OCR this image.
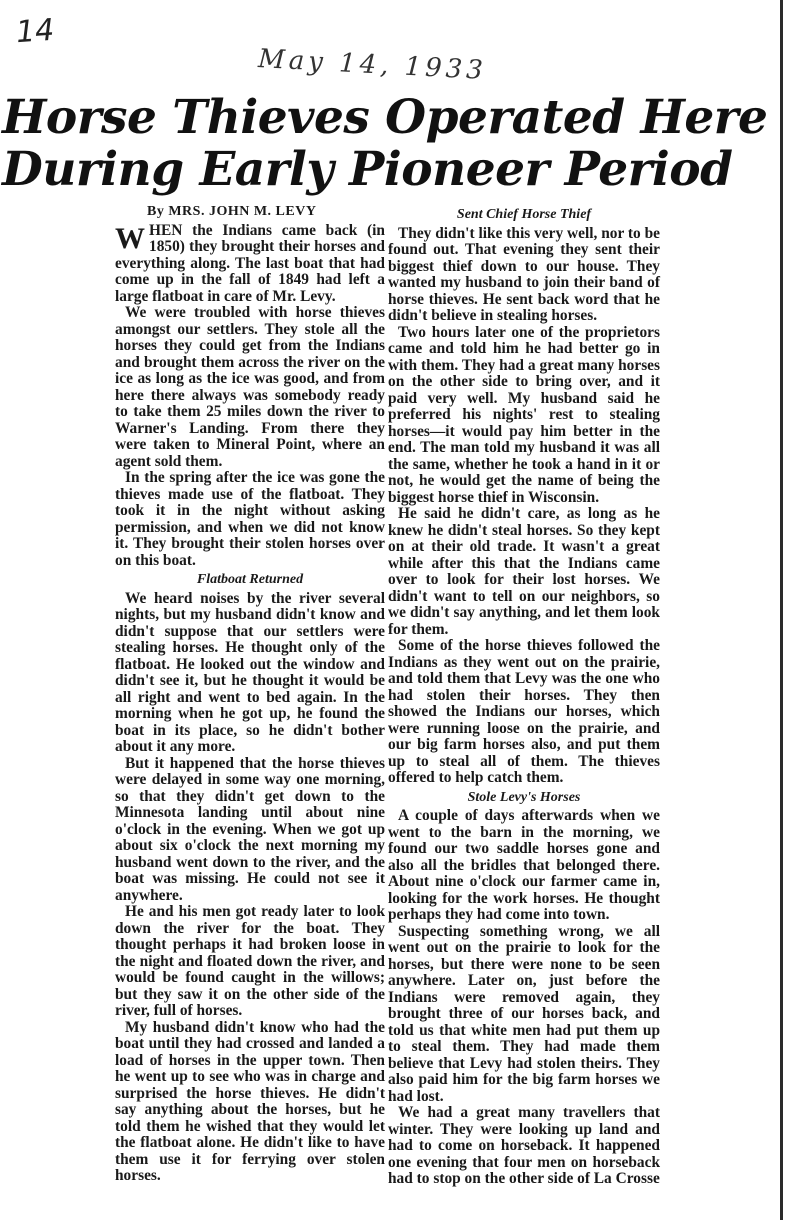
14
May 14, 1933
Horse Thieves Operated Here
During Early Pioneer Period
By MRS. JOHN M. LEVY

WHEN the Indians came back (in 1850) they brought their horses and everything along. The last boat that had come up in the fall of 1849 had left a large flatboat in care of Mr. Levy.

We were troubled with horse thieves amongst our settlers. They stole all the horses they could get from the Indians and brought them across the river on the ice as long as the ice was good, and from here there always was somebody ready to take them 25 miles down the river to Warner's Landing. From there they were taken to Mineral Point, where an agent sold them.

In the spring after the ice was gone the thieves made use of the flatboat. They took it in the night without asking permission, and when we did not know it. They brought their stolen horses over on this boat.

Flatboat Returned

We heard noises by the river several nights, but my husband didn't know and didn't suppose that our settlers were stealing horses. He thought only of the flatboat. He looked out the window and didn't see it, but he thought it would be all right and went to bed again. In the morning when he got up, he found the boat in its place, so he didn't bother about it any more.

But it happened that the horse thieves were delayed in some way one morning, so that they didn't get down to the Minnesota landing until about nine o'clock in the evening. When we got up about six o'clock the next morning my husband went down to the river, and the boat was missing. He could not see it anywhere.

He and his men got ready later to look down the river for the boat. They thought perhaps it had broken loose in the night and floated down the river, and would be found caught in the willows; but they saw it on the other side of the river, full of horses.

My husband didn't know who had the boat until they had crossed and landed a load of horses in the upper town. Then he went up to see who was in charge and surprised the horse thieves. He didn't say anything about the horses, but he told them he wished that they would let the flatboat alone. He didn't like to have them use it for ferrying over stolen horses.

Sent Chief Horse Thief

They didn't like this very well, nor to be found out. That evening they sent their biggest thief down to our house. They wanted my husband to join their band of horse thieves. He sent back word that he didn't believe in stealing horses.

Two hours later one of the proprietors came and told him he had better go in with them. They had a great many horses on the other side to bring over, and it paid very well. My husband said he preferred his nights' rest to stealing horses—it would pay him better in the end. The man told my husband it was all the same, whether he took a hand in it or not, he would get the name of being the biggest horse thief in Wisconsin.

He said he didn't care, as long as he knew he didn't steal horses. So they kept on at their old trade. It wasn't a great while after this that the Indians came over to look for their lost horses. We didn't want to tell on our neighbors, so we didn't say anything, and let them look for them.

Some of the horse thieves followed the Indians as they went out on the prairie, and told them that Levy was the one who had stolen their horses. They then showed the Indians our horses, which were running loose on the prairie, and our big farm horses also, and put them up to steal all of them. The thieves offered to help catch them.

Stole Levy's Horses

A couple of days afterwards when we went to the barn in the morning, we found our two saddle horses gone and also all the bridles that belonged there. About nine o'clock our farmer came in, looking for the work horses. He thought perhaps they had come into town.

Suspecting something wrong, we all went out on the prairie to look for the horses, but there were none to be seen anywhere. Later on, just before the Indians were removed again, they brought three of our horses back, and told us that white men had put them up to steal them. They had made them believe that Levy had stolen theirs. They also paid him for the big farm horses we had lost.

We had a great many travellers that winter. They were looking up land and had to come on horseback. It happened one evening that four men on horseback had to stop on the other side of La Crosse
